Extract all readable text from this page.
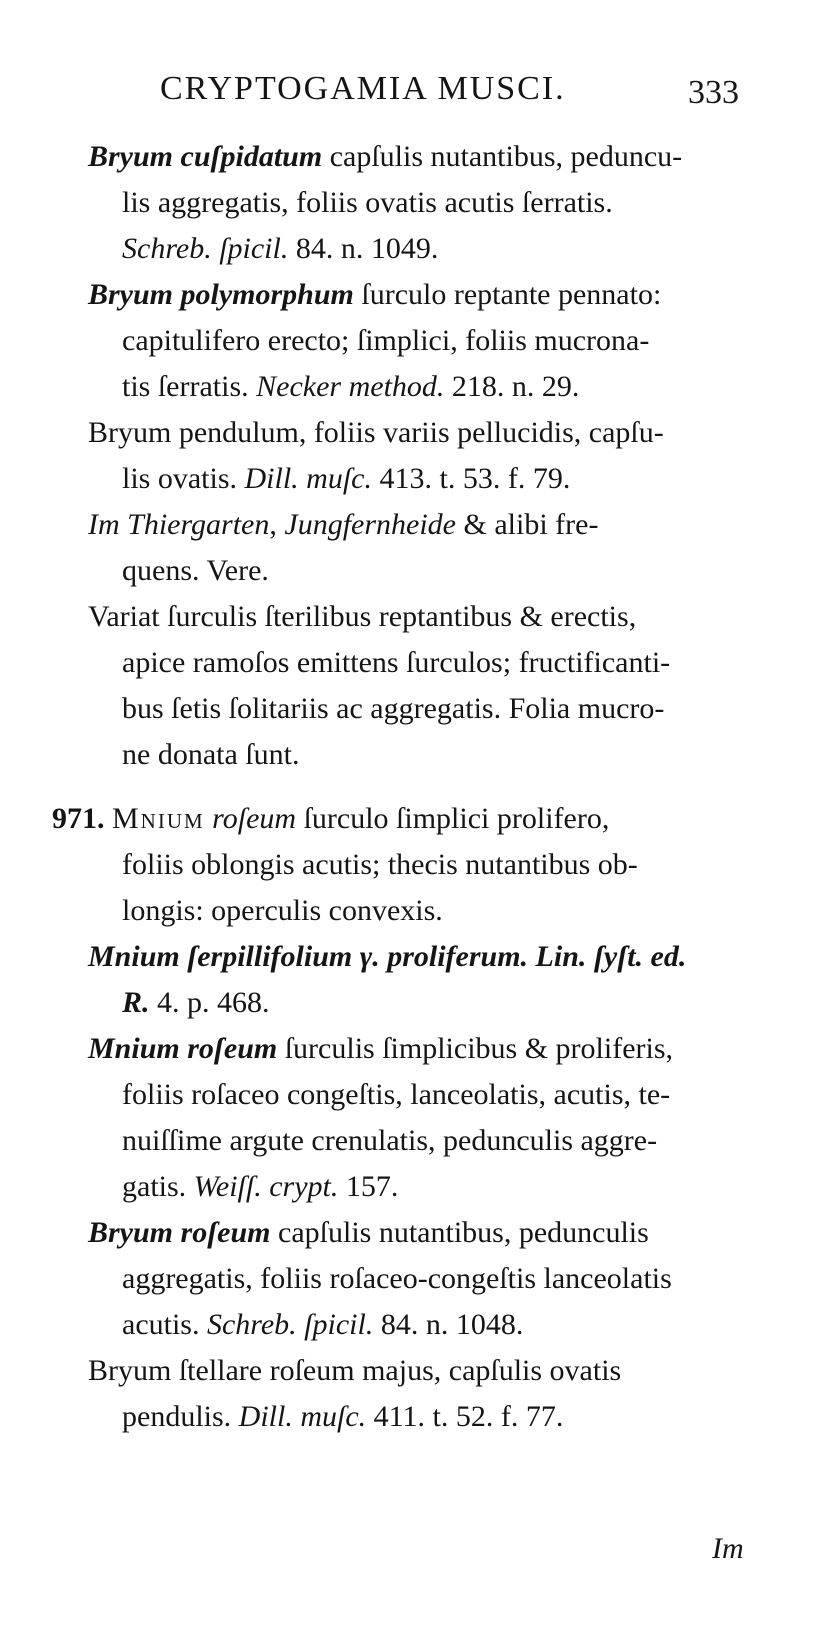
CRYPTOGAMIA MUSCI.	333
Bryum cuſpidatum capſulis nutantibus, peduncu-
lis aggregatis, foliis ovatis acutis ſerratis.
Schreb. ſpicil. 84. n. 1049.
Bryum polymorphum ſurculo reptante pennato:
capitulifero erecto; ſimplici, foliis mucrona-
tis ſerratis. Necker method. 218. n. 29.
Bryum pendulum, foliis variis pellucidis, capſu-
lis ovatis. Dill. muſc. 413. t. 53. f. 79.
Im Thiergarten, Jungfernheide & alibi fre-
quens. Vere.
Variat ſurculis ſterilibus reptantibus & erectis,
apice ramoſos emittens ſurculos; fructificanti-
bus ſetis ſolitariis ac aggregatis. Folia mucro-
ne donata ſunt.
971. Mnium roſeum ſurculo ſimplici prolifero,
foliis oblongis acutis; thecis nutantibus ob-
longis: operculis convexis.
Mnium ſerpillifolium γ. proliferum. Lin. ſyſt. ed.
R. 4. p. 468.
Mnium roſeum ſurculis ſimplicibus & proliferis,
foliis roſaceo congeſtis, lanceolatis, acutis, te-
nuiſſime argute crenulatis, pedunculis aggre-
gatis. Weiſſ. crypt. 157.
Bryum roſeum capſulis nutantibus, pedunculis
aggregatis, foliis roſaceo-congeſtis lanceolatis
acutis. Schreb. ſpicil. 84. n. 1048.
Bryum ſtellare roſeum majus, capſulis ovatis
pendulis. Dill. muſc. 411. t. 52. f. 77.
Im
